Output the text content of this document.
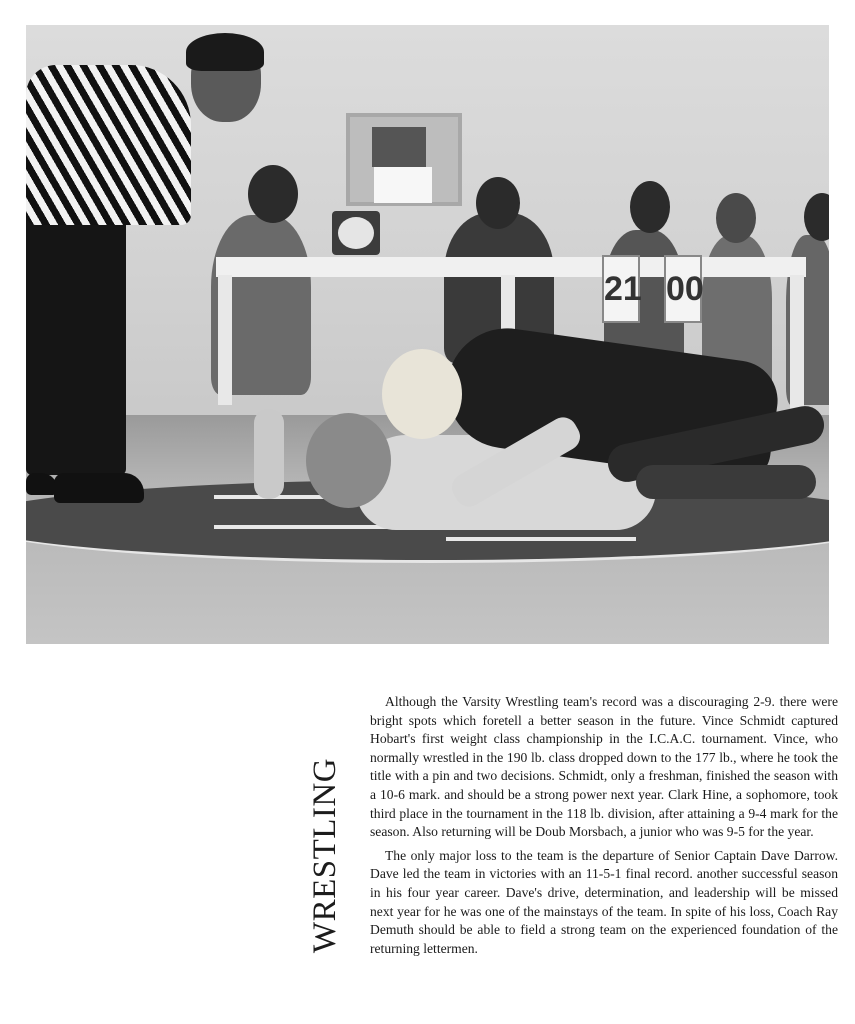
21 00
WRESTLING

Although the Varsity Wrestling team's record was a discouraging 2-9. there were bright spots which foretell a better season in the future. Vince Schmidt captured Hobart's first weight class championship in the I.C.A.C. tournament. Vince, who normally wrestled in the 190 lb. class dropped down to the 177 lb., where he took the title with a pin and two decisions. Schmidt, only a freshman, finished the season with a 10-6 mark. and should be a strong power next year. Clark Hine, a sophomore, took third place in the tournament in the 118 lb. division, after attaining a 9-4 mark for the season. Also returning will be Doub Morsbach, a junior who was 9-5 for the year.

The only major loss to the team is the departure of Senior Captain Dave Darrow. Dave led the team in victories with an 11-5-1 final record. another successful season in his four year career. Dave's drive, determination, and leadership will be missed next year for he was one of the mainstays of the team. In spite of his loss, Coach Ray Demuth should be able to field a strong team on the experienced foundation of the returning lettermen.
